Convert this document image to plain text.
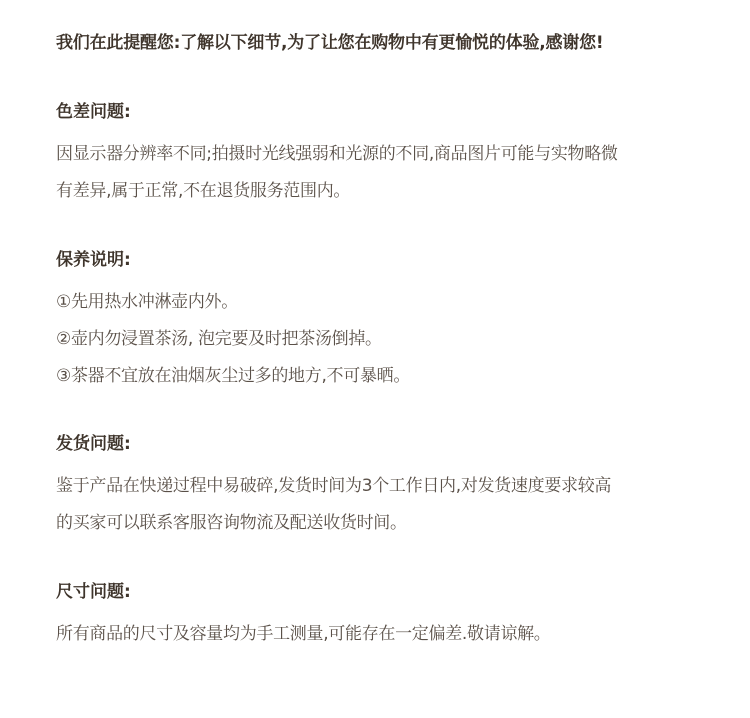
我们在此提醒您:了解以下细节,为了让您在购物中有更愉悦的体验,感谢您!
色差问题:
因显示器分辨率不同;拍摄时光线强弱和光源的不同,商品图片可能与实物略微
有差异,属于正常,不在退货服务范围内。
保养说明:
①先用热水冲淋壶内外。
②壶内勿浸置茶汤, 泡完要及时把茶汤倒掉。
③茶器不宜放在油烟灰尘过多的地方,不可暴晒。
发货问题:
鉴于产品在快递过程中易破碎,发货时间为3个工作日内,对发货速度要求较高
的买家可以联系客服咨询物流及配送收货时间。
尺寸问题:
所有商品的尺寸及容量均为手工测量,可能存在一定偏差.敬请谅解。
